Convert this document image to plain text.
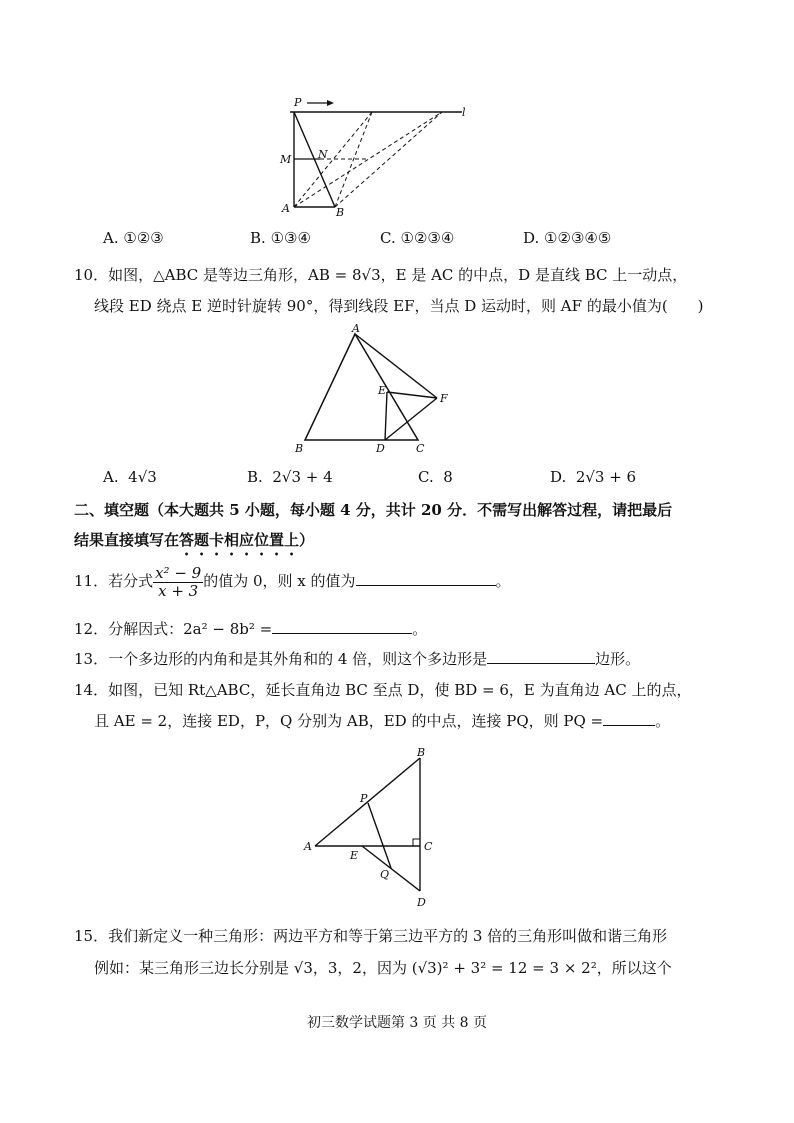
P
l
M N
A	B
A. ①②③	B. ①③④	C. ①②③④	D. ①②③④⑤
10．如图，△ABC 是等边三角形，AB = 8√3，E 是 AC 的中点，D 是直线 BC 上一动点，
线段 ED 绕点 E 逆时针旋转 90°，得到线段 EF，当点 D 运动时，则 AF 的最小值为(　　)
A
B	C
D
E
F
A. 4√3	B. 2√3 + 4	C. 8	D. 2√3 + 6
二、填空题（本大题共 5 小题，每小题 4 分，共计 20 分．不需写出解答过程，请把最后
结果直接填写在答题卡相应位置上）
11．若分式 $\frac{\text{x² − 9}}{x + 3}$ 的值为 0，则 x 的值为	。
12．分解因式：2a² − 8b² =	。
13．一个多边形的内角和是其外角和的 4 倍，则这个多边形是	边形。
14．如图，已知 Rt△ABC，延长直角边 BC 至点 D，使 BD = 6，E 为直角边 AC 上的点，
且 AE = 2，连接 ED，P，Q 分别为 AB，ED 的中点，连接 PQ，则 PQ =	。
B
A	C
D
E
P
Q
15．我们新定义一种三角形：两边平方和等于第三边平方的 3 倍的三角形叫做和谐三角形
例如：某三角形三边长分别是 √3，3，2，因为 (√3)² + 3² = 12 = 3 × 2²，所以这个
初三数学试题第 3 页 共 8 页
